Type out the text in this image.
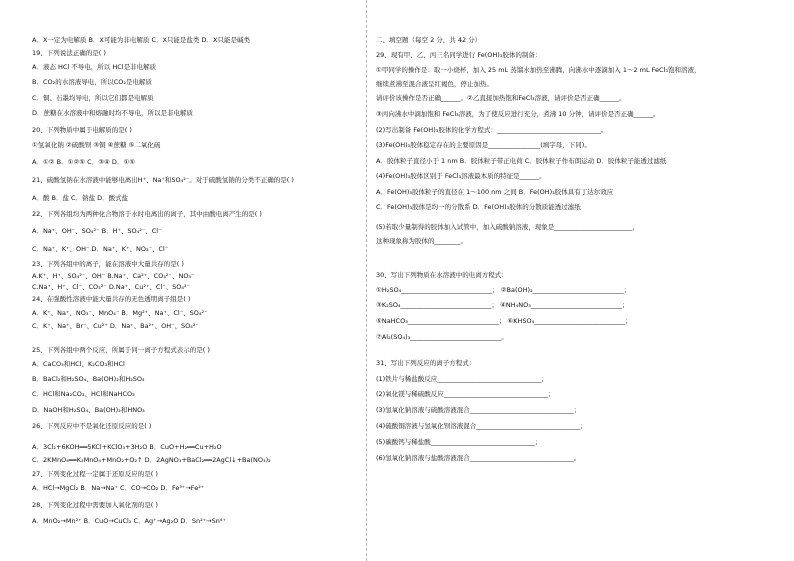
A．X一定为电解质 B．X可能为非电解质 C．X只能是盐类 D．X只能是碱类
19、下列说法正确的是( )
A．液态 HCl 不导电，所以 HCl是非电解质
B．CO₂的水溶液导电，所以CO₂是电解质
C．铜、石墨均导电，所以它们都是电解质
D．蔗糖在水溶液中和熔融时均不导电，所以是非电解质
20、下列物质中属于电解质的是( )
①氢氧化钠 ②硫酸钡 ③铜 ④蔗糖 ⑤二氧化硫
A．①② B．①②⑤ C．③④ D．①⑤
21、硫酸氢钠在水溶液中能够电离出H⁺、Na⁺和SO₄²⁻。对于硫酸氢钠的分类不正确的是( )
A．酸 B．盐 C．钠盐 D．酸式盐
22、下列各组均为两种化合物溶于水时电离出的离子，其中由酸电离产生的是( )
A．Na⁺、OH⁻、SO₄²⁻ B．H⁺、SO₄²⁻、Cl⁻
C．Na⁺、K⁺、OH⁻ D．Na⁺、K⁺、NO₃⁻、Cl⁻
23、下列各组中的离子，能在溶液中大量共存的是( )
A.K⁺、H⁺、SO₄²⁻、OH⁻ B.Na⁺、Ca²⁺、CO₃²⁻、NO₃⁻
C.Na⁺、H⁺、Cl⁻、CO₃²⁻ D.Na⁺、Cu²⁺、Cl⁻、SO₄²⁻
24、在强酸性溶液中能大量共存的无色透明离子组是( )
A．K⁺、Na⁺、NO₃⁻、MnO₄⁻ B．Mg²⁺、Na⁺、Cl⁻、SO₄²⁻
C．K⁺、Na⁺、Br⁻、Cu²⁺ D．Na⁺、Ba²⁺、OH⁻、SO₄²⁻
25、下列各组中两个反应，所属于同一离子方程式表示的是( )
A．CaCO₃和HCl、K₂CO₃和HCl
B．BaCl₂和H₂SO₄、Ba(OH)₂和H₂SO₄
C．HCl和Na₂CO₃、HCl和NaHCO₃
D．NaOH和H₂SO₄、Ba(OH)₂和HNO₃
26、下列反应中不是氧化还原反应的是( )
A．3Cl₂+6KOH══5KCl+KClO₃+3H₂O B．CuO+H₂══Cu+H₂O
C．2KMnO₄══K₂MnO₄+MnO₂+O₂↑ D．2AgNO₃+BaCl₂══2AgCl↓+Ba(NO₃)₂
27、下列变化过程一定属于还原反应的是( )
A．HCl→MgCl₂ B．Na→Na⁺ C．CO→CO₂ D．Fe³⁺→Fe²⁺
28、下列变化过程中需要加入氧化剂的是( )
A．MnO₂→Mn²⁺ B．CuO→CuCl₂ C．Ag⁺→Ag₂O D．Sn²⁺→Sn⁴⁺
二、填空题（每空 2 分，共 42 分）
29、现有甲、乙、丙三名同学进行 Fe(OH)₃胶体的制备：
①甲同学的操作是：取一小烧杯，加入 25 mL 蒸馏水加热至沸腾，向沸水中逐滴加入 1～2 mL FeCl₃饱和溶液，
继续煮沸至混合液呈红褐色，停止加热。
请评价该操作是否正确______。②乙直接加热饱和FeCl₃溶液，请评价是否正确______。
③丙向沸水中滴加饱和 FeCl₃溶液，为了使反应进行充分，煮沸 10 分钟，请评价是否正确______。
(2)写出制备 Fe(OH)₃胶体的化学方程式：________________________________。
(3)Fe(OH)₃胶体稳定存在的主要原因是________________(填字母，下同)。
A．胶体粒子直径小于 1 nm B．胶体粒子带正电荷 C．胶体粒子作布朗运动 D．胶体粒子能透过滤纸
(4)Fe(OH)₃胶体区别于 FeCl₃溶液最本质的特征是______。
A．Fe(OH)₃胶体粒子的直径在 1～100 nm 之间 B．Fe(OH)₃胶体具有丁达尔效应
C．Fe(OH)₃胶体是均一的分散系 D．Fe(OH)₃胶体的分散质能透过滤纸
(5)若取少量制得的胶体加入试管中，加入硫酸钠溶液，现象是________________________，
这种现象称为胶体的________。
30、写出下列物质在水溶液中的电离方程式：
①H₂SO₄____________________________； ②Ba(OH)₂____________________________；
③K₂SO₄____________________________； ④NH₄NO₃____________________________；
⑤NaHCO₃____________________________； ⑥KHSO₄____________________________；
⑦Al₂(SO₄)₃____________________________。
31、写出下列反应的离子方程式：
(1)铁片与稀盐酸反应________________________________；
(2)氧化镁与稀硫酸反应________________________________；
(3)氢氧化钠溶液与硫酸溶液混合________________________________；
(4)硫酸铜溶液与氢氧化钡溶液混合________________________________；
(5)碳酸钙与稀盐酸________________________________；
(6)氢氧化钠溶液与盐酸溶液混合________________________________。
